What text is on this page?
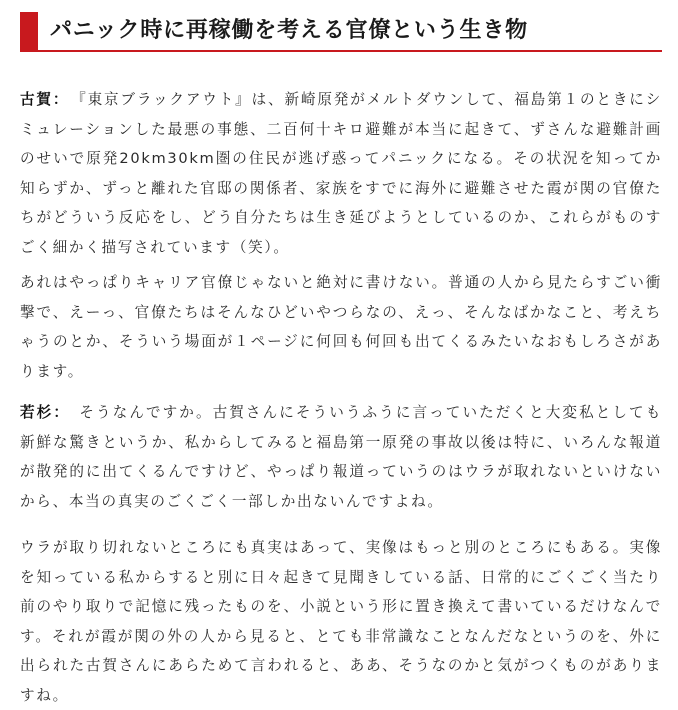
パニック時に再稼働を考える官僚という生き物

古賀：　『東京ブラックアウト』は、新崎原発がメルトダウンして、福島第１のときにシミュレーションした最悪の事態、二百何十キロ避難が本当に起きて、ずさんな避難計画のせいで原発20km30km圏の住民が逃げ惑ってパニックになる。その状況を知ってか知らずか、ずっと離れた官邸の関係者、家族をすでに海外に避難させた霞が関の官僚たちがどういう反応をし、どう自分たちは生き延びようとしているのか、これらがものすごく細かく描写されています（笑）。

あれはやっぱりキャリア官僚じゃないと絶対に書けない。普通の人から見たらすごい衝撃で、えーっ、官僚たちはそんなひどいやつらなの、えっ、そんなばかなこと、考えちゃうのとか、そういう場面が１ページに何回も何回も出てくるみたいなおもしろさがあります。

若杉：　そうなんですか。古賀さんにそういうふうに言っていただくと大変私としても新鮮な驚きというか、私からしてみると福島第一原発の事故以後は特に、いろんな報道が散発的に出てくるんですけど、やっぱり報道っていうのはウラが取れないといけないから、本当の真実のごくごく一部しか出ないんですよね。

ウラが取り切れないところにも真実はあって、実像はもっと別のところにもある。実像を知っている私からすると別に日々起きて見聞きしている話、日常的にごくごく当たり前のやり取りで記憶に残ったものを、小説という形に置き換えて書いているだけなんです。それが霞が関の外の人から見ると、とても非常識なことなんだなというのを、外に出られた古賀さんにあらためて言われると、ああ、そうなのかと気がつくものがありますね。
